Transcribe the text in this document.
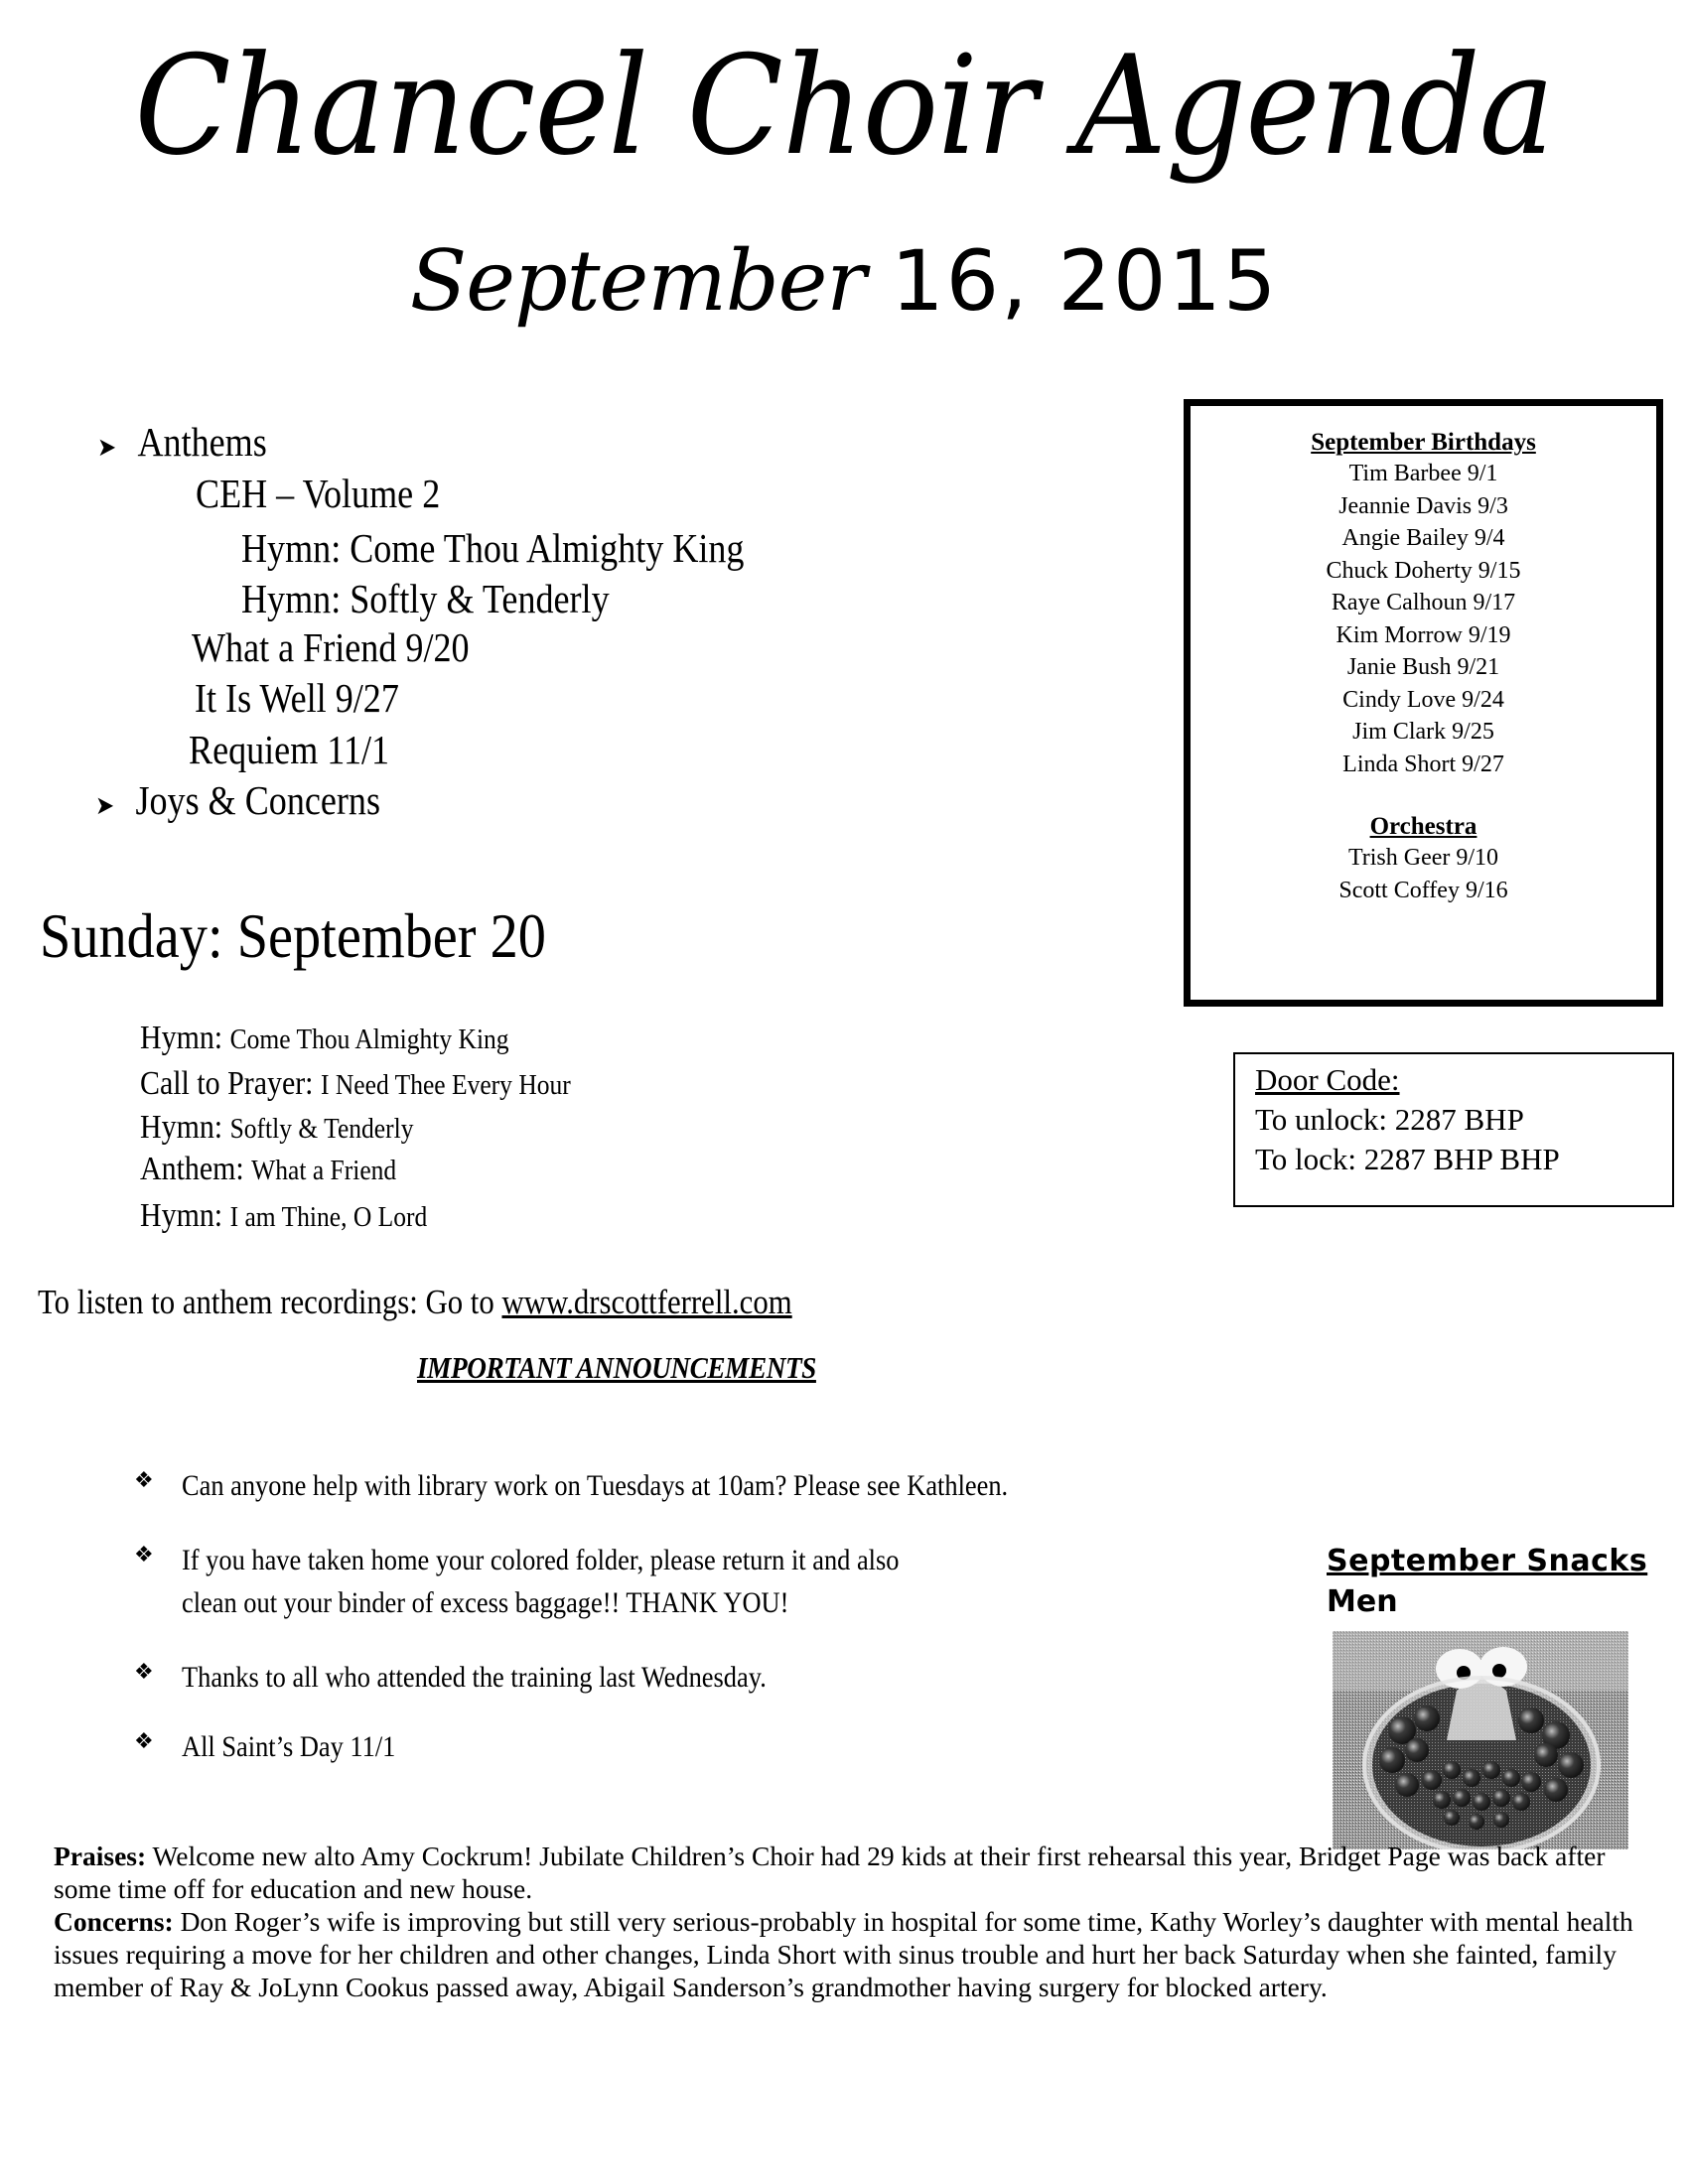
Chancel Choir Agenda
September 16, 2015
➤ Anthems
CEH – Volume 2
Hymn: Come Thou Almighty King
Hymn: Softly & Tenderly
What a Friend 9/20
It Is Well 9/27
Requiem 11/1
➤ Joys & Concerns
Sunday: September 20
Hymn: Come Thou Almighty King
Call to Prayer: I Need Thee Every Hour
Hymn: Softly & Tenderly
Anthem: What a Friend
Hymn: I am Thine, O Lord
To listen to anthem recordings: Go to www.drscottferrell.com
IMPORTANT ANNOUNCEMENTS
❖ Can anyone help with library work on Tuesdays at 10am? Please see Kathleen.
❖ If you have taken home your colored folder, please return it and also
clean out your binder of excess baggage!! THANK YOU!
❖ Thanks to all who attended the training last Wednesday.
❖ All Saint’s Day 11/1
September Birthdays
Tim Barbee 9/1
Jeannie Davis 9/3
Angie Bailey 9/4
Chuck Doherty 9/15
Raye Calhoun 9/17
Kim Morrow 9/19
Janie Bush 9/21
Cindy Love 9/24
Jim Clark 9/25
Linda Short 9/27
Orchestra
Trish Geer 9/10
Scott Coffey 9/16
Door Code:
To unlock: 2287 BHP
To lock: 2287 BHP BHP
September Snacks
Men
Praises: Welcome new alto Amy Cockrum! Jubilate Children’s Choir had 29 kids at their first rehearsal this year, Bridget Page was back after some time off for education and new house.
Concerns: Don Roger’s wife is improving but still very serious-probably in hospital for some time, Kathy Worley’s daughter with mental health issues requiring a move for her children and other changes, Linda Short with sinus trouble and hurt her back Saturday when she fainted, family member of Ray & JoLynn Cookus passed away, Abigail Sanderson’s grandmother having surgery for blocked artery.
